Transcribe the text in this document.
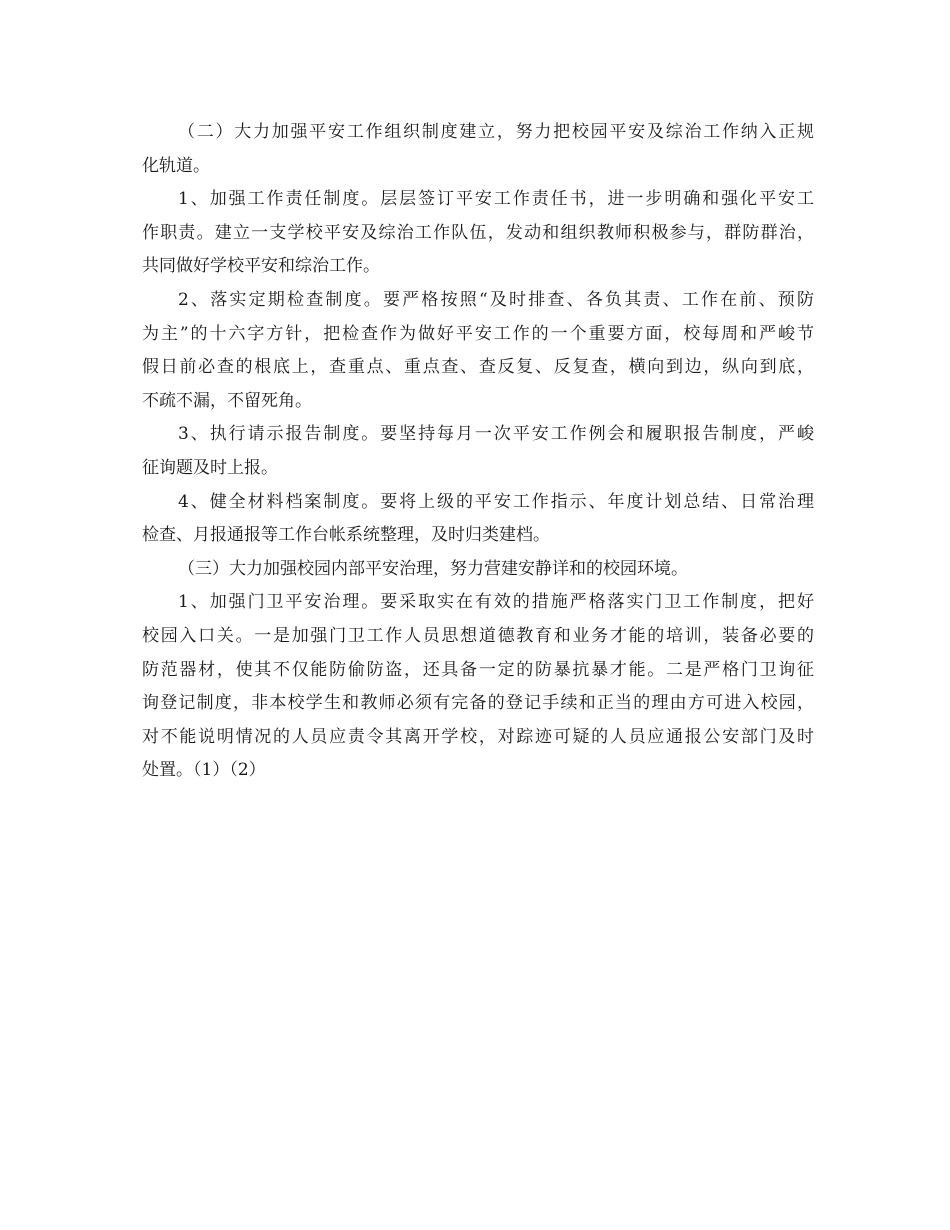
（二）大力加强平安工作组织制度建立，努力把校园平安及综治工作纳入正规
化轨道。
1、加强工作责任制度。层层签订平安工作责任书，进一步明确和强化平安工
作职责。建立一支学校平安及综治工作队伍，发动和组织教师积极参与，群防群治，
共同做好学校平安和综治工作。
2、落实定期检查制度。要严格按照“及时排查、各负其责、工作在前、预防
为主”的十六字方针，把检查作为做好平安工作的一个重要方面，校每周和严峻节
假日前必查的根底上，查重点、重点查、查反复、反复查，横向到边，纵向到底，
不疏不漏，不留死角。
3、执行请示报告制度。要坚持每月一次平安工作例会和履职报告制度，严峻
征询题及时上报。
4、健全材料档案制度。要将上级的平安工作指示、年度计划总结、日常治理
检查、月报通报等工作台帐系统整理，及时归类建档。
（三）大力加强校园内部平安治理，努力营建安静详和的校园环境。
1、加强门卫平安治理。要采取实在有效的措施严格落实门卫工作制度，把好
校园入口关。一是加强门卫工作人员思想道德教育和业务才能的培训，装备必要的
防范器材，使其不仅能防偷防盗，还具备一定的防暴抗暴才能。二是严格门卫询征
询登记制度，非本校学生和教师必须有完备的登记手续和正当的理由方可进入校园，
对不能说明情况的人员应责令其离开学校，对踪迹可疑的人员应通报公安部门及时
处置。（1）（2）
